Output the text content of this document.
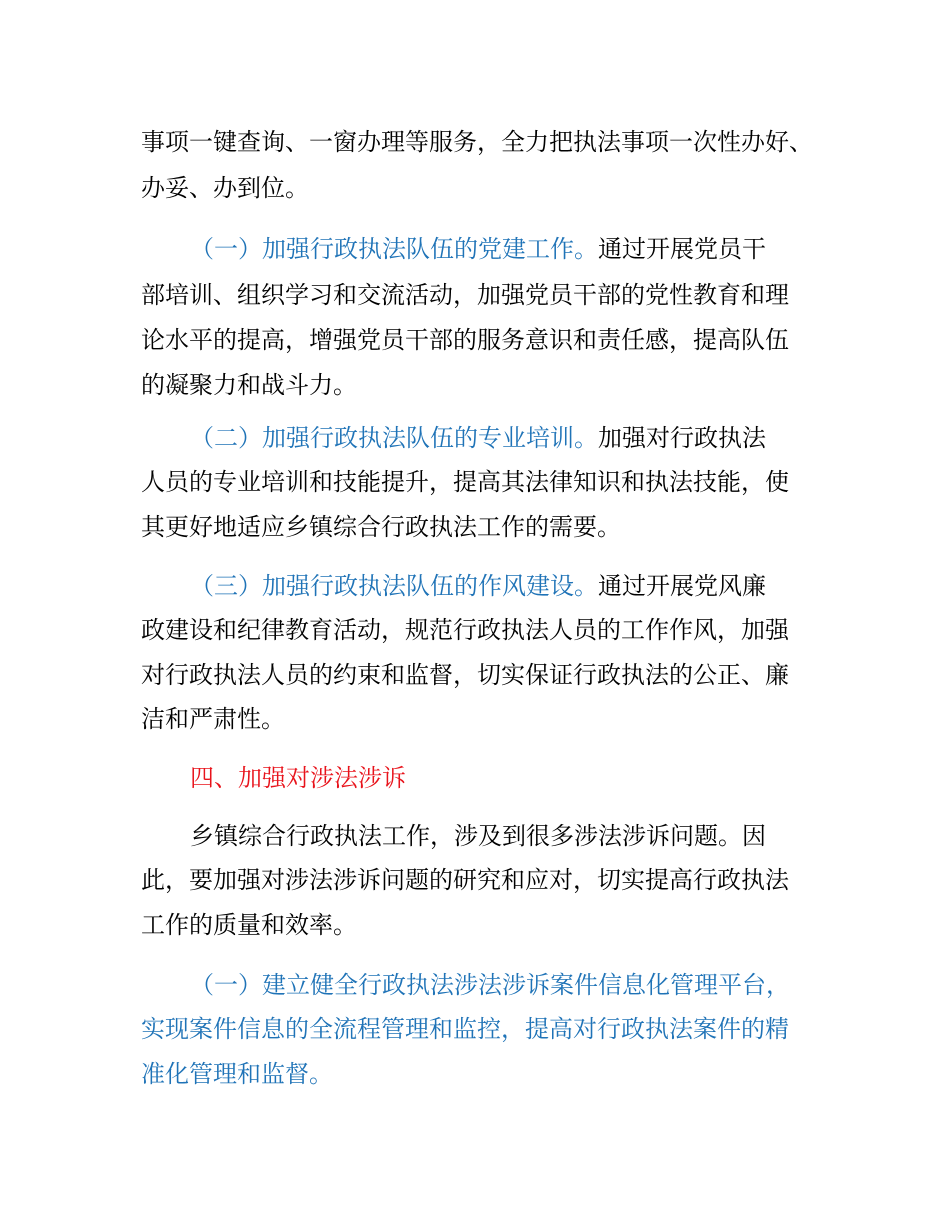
事项一键查询、一窗办理等服务，全力把执法事项一次性办好、
办妥、办到位。
（一）加强行政执法队伍的党建工作。通过开展党员干
部培训、组织学习和交流活动，加强党员干部的党性教育和理
论水平的提高，增强党员干部的服务意识和责任感，提高队伍
的凝聚力和战斗力。
（二）加强行政执法队伍的专业培训。加强对行政执法
人员的专业培训和技能提升，提高其法律知识和执法技能，使
其更好地适应乡镇综合行政执法工作的需要。
（三）加强行政执法队伍的作风建设。通过开展党风廉
政建设和纪律教育活动，规范行政执法人员的工作作风，加强
对行政执法人员的约束和监督，切实保证行政执法的公正、廉
洁和严肃性。
四、加强对涉法涉诉
乡镇综合行政执法工作，涉及到很多涉法涉诉问题。因
此，要加强对涉法涉诉问题的研究和应对，切实提高行政执法
工作的质量和效率。
（一）建立健全行政执法涉法涉诉案件信息化管理平台，
实现案件信息的全流程管理和监控，提高对行政执法案件的精
准化管理和监督。
